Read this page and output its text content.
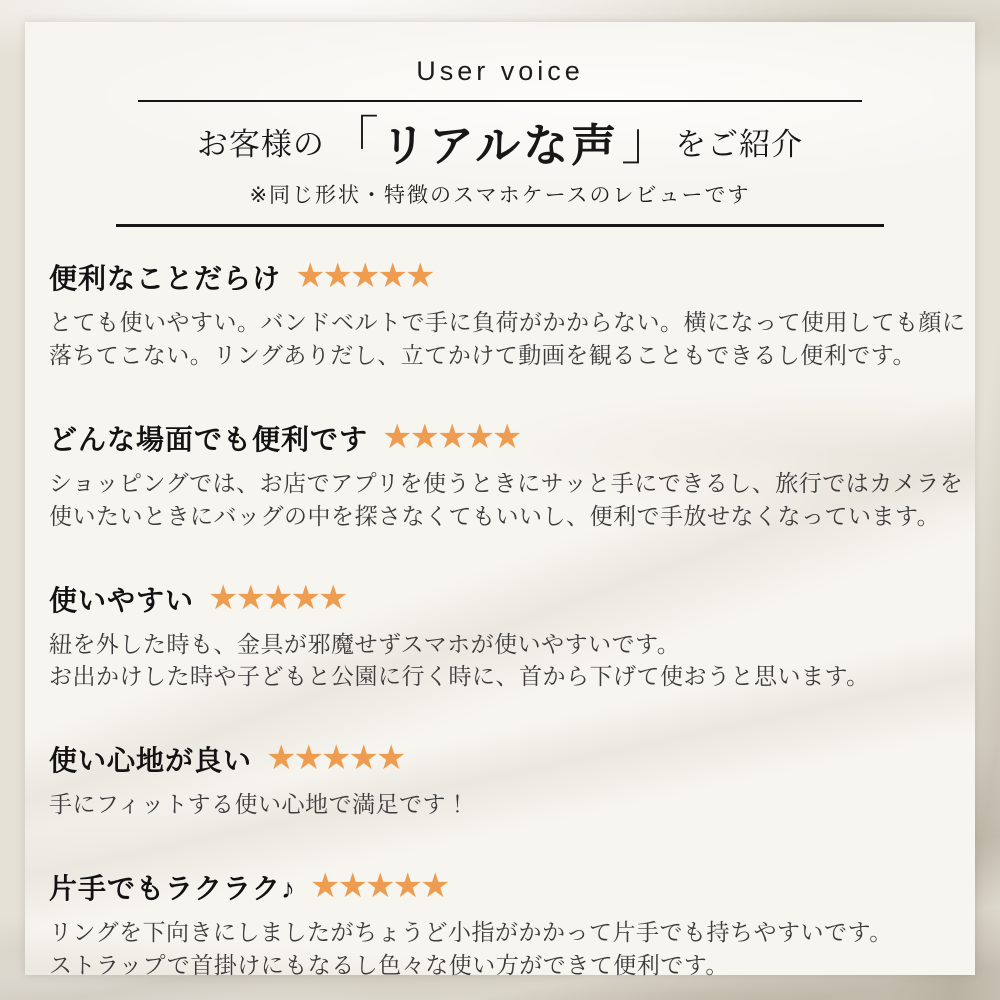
User voice
お客様の 「 リアルな声 」 をご紹介
※同じ形状・特徴のスマホケースのレビューです
便利なことだらけ ★★★★★
とても使いやすい。バンドベルトで手に負荷がかからない。横になって使用しても顔に
落ちてこない。リングありだし、立てかけて動画を観ることもできるし便利です。
どんな場面でも便利です ★★★★★
ショッピングでは、お店でアプリを使うときにサッと手にできるし、旅行ではカメラを
使いたいときにバッグの中を探さなくてもいいし、便利で手放せなくなっています。
使いやすい ★★★★★
紐を外した時も、金具が邪魔せずスマホが使いやすいです。
お出かけした時や子どもと公園に行く時に、首から下げて使おうと思います。
使い心地が良い ★★★★★
手にフィットする使い心地で満足です！
片手でもラクラク♪ ★★★★★
リングを下向きにしましたがちょうど小指がかかって片手でも持ちやすいです。
ストラップで首掛けにもなるし色々な使い方ができて便利です。
